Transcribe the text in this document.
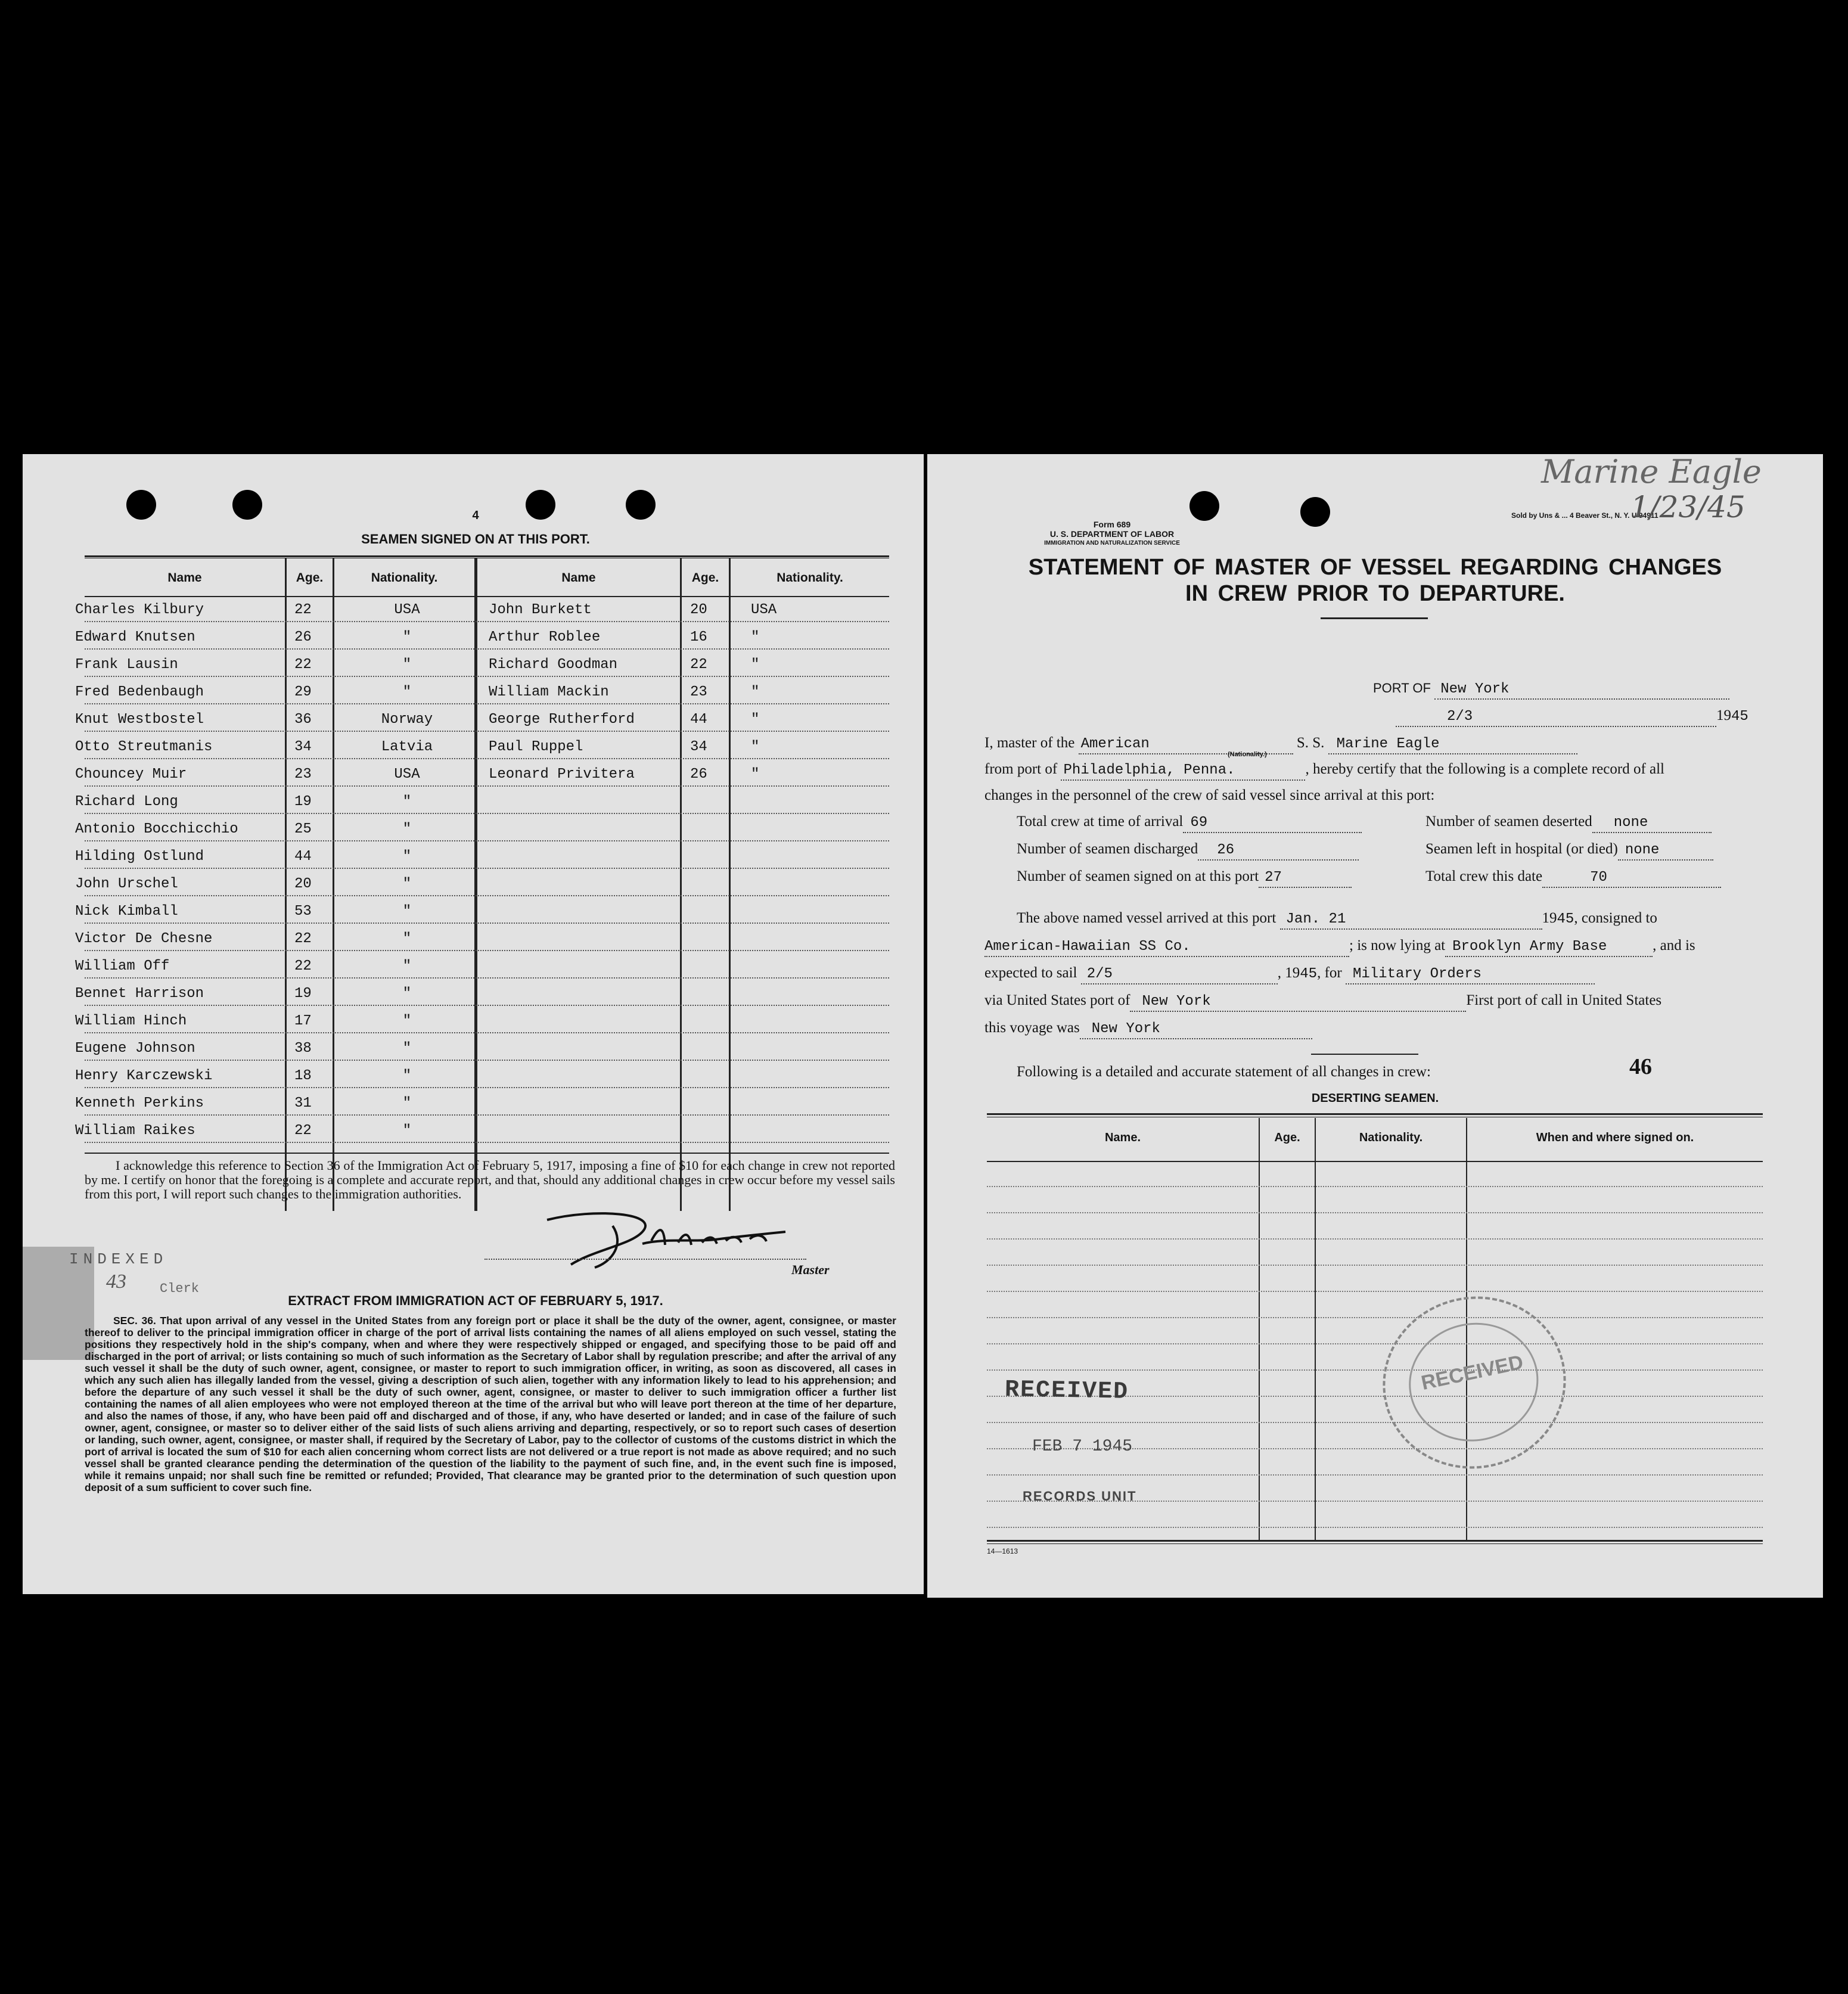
4
SEAMEN SIGNED ON AT THIS PORT.
Name	Age.	Nationality.	Name	Age.	Nationality.
Charles Kilbury	22	USA	John Burkett	20	USA
Edward Knutsen	26	"	Arthur Roblee	16	"
Frank Lausin	22	"	Richard Goodman	22	"
Fred Bedenbaugh	29	"	William Mackin	23	"
Knut Westbostel	36	Norway	George Rutherford	44	"
Otto Streutmanis	34	Latvia	Paul Ruppel	34	"
Chouncey Muir	23	USA	Leonard Privitera	26	"
Richard Long	19	"
Antonio Bocchicchio	25	"
Hilding Ostlund	44	"
John Urschel	20	"
Nick Kimball	53	"
Victor De Chesne	22	"
William Off	22	"
Bennet Harrison	19	"
William Hinch	17	"
Eugene Johnson	38	"
Henry Karczewski	18	"
Kenneth Perkins	31	"
William Raikes	22	"
I acknowledge this reference to Section 36 of the Immigration Act of February 5, 1917, imposing a fine of $10 for each change in crew not reported by me. I certify on honor that the foregoing is a complete and accurate report, and that, should any additional changes in crew occur before my vessel sails from this port, I will report such changes to the immigration authorities.
Master
INDEXED
43	Clerk
EXTRACT FROM IMMIGRATION ACT OF FEBRUARY 5, 1917.
SEC. 36. That upon arrival of any vessel in the United States from any foreign port or place it shall be the duty of the owner, agent, consignee, or master thereof to deliver to the principal immigration officer in charge of the port of arrival lists containing the names of all aliens employed on such vessel, stating the positions they respectively hold in the ship's company, when and where they were respectively shipped or engaged, and specifying those to be paid off and discharged in the port of arrival; or lists containing so much of such information as the Secretary of Labor shall by regulation prescribe; and after the arrival of any such vessel it shall be the duty of such owner, agent, consignee, or master to report to such immigration officer, in writing, as soon as discovered, all cases in which any such alien has illegally landed from the vessel, giving a description of such alien, together with any information likely to lead to his apprehension; and before the departure of any such vessel it shall be the duty of such owner, agent, consignee, or master to deliver to such immigration officer a further list containing the names of all alien employees who were not employed thereon at the time of the arrival but who will leave port thereon at the time of her departure, and also the names of those, if any, who have been paid off and discharged and of those, if any, who have deserted or landed; and in case of the failure of such owner, agent, consignee, or master so to deliver either of the said lists of such aliens arriving and departing, respectively, or so to report such cases of desertion or landing, such owner, agent, consignee, or master shall, if required by the Secretary of Labor, pay to the collector of customs of the customs district in which the port of arrival is located the sum of $10 for each alien concerning whom correct lists are not delivered or a true report is not made as above required; and no such vessel shall be granted clearance pending the determination of the question of the liability to the payment of such fine, and, in the event such fine is imposed, while it remains unpaid; nor shall such fine be remitted or refunded; Provided, That clearance may be granted prior to the determination of such question upon deposit of a sum sufficient to cover such fine.
Form 689
U. S. DEPARTMENT OF LABOR
IMMIGRATION AND NATURALIZATION SERVICE
Sold by Uns & ... 4 Beaver St., N. Y. U 94911
Marine Eagle
1/23/45
STATEMENT OF MASTER OF VESSEL REGARDING CHANGES
IN CREW PRIOR TO DEPARTURE.
PORT OF New York
2/3	1945
I, master of the American	S. S. Marine Eagle
(Nationality.)
from port of Philadelphia, Penna.	, hereby certify that the following is a complete record of all
changes in the personnel of the crew of said vessel since arrival at this port:
Total crew at time of arrival 69	Number of seamen deserted none
Number of seamen discharged 26	Seamen left in hospital (or died) none
Number of seamen signed on at this port 27	Total crew this date	70
The above named vessel arrived at this port Jan. 21	1945, consigned to
American-Hawaiian SS Co.	; is now lying at Brooklyn Army Base	, and is
expected to sail 2/5	, 1945, for Military Orders
via United States port of New York	First port of call in United States
this voyage was New York
Following is a detailed and accurate statement of all changes in crew:	46
DESERTING SEAMEN.
Name.	Age.	Nationality.	When and where signed on.
RECEIVED
FEB 7 1945
RECORDS UNIT
RECEIVED
14—1613
